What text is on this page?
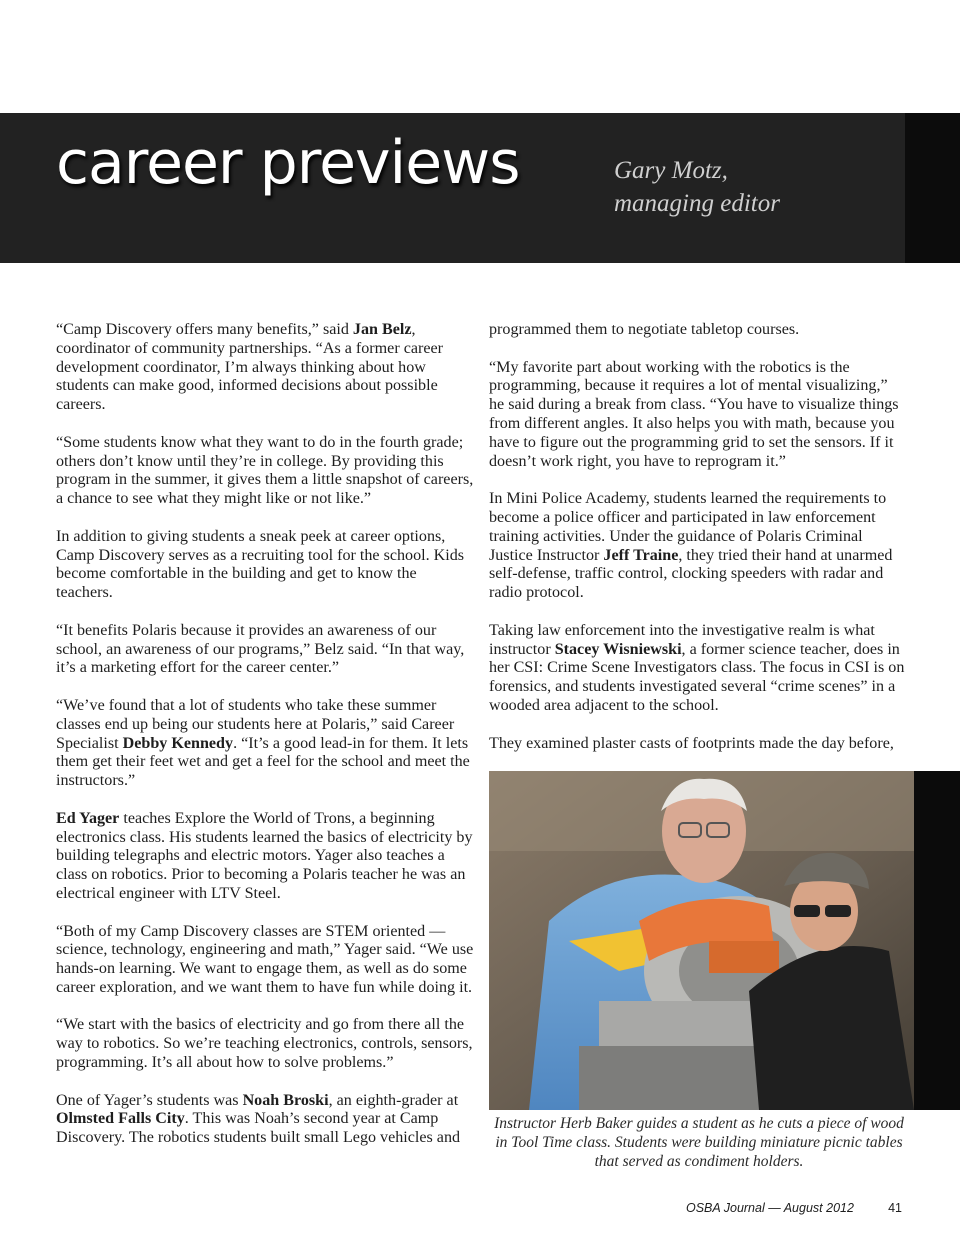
career previews	Gary Motz,
managing editor

“Camp Discovery offers many benefits,” said Jan Belz, coordinator of community partnerships. “As a former career development coordinator, I’m always thinking about how students can make good, informed decisions about possible careers.

“Some students know what they want to do in the fourth grade; others don’t know until they’re in college. By providing this program in the summer, it gives them a little snapshot of careers, a chance to see what they might like or not like.”

In addition to giving students a sneak peek at career options, Camp Discovery serves as a recruiting tool for the school. Kids become comfortable in the building and get to know the teachers.

“It benefits Polaris because it provides an awareness of our school, an awareness of our programs,” Belz said. “In that way, it’s a marketing effort for the career center.”

“We’ve found that a lot of students who take these summer classes end up being our students here at Polaris,” said Career Specialist Debby Kennedy. “It’s a good lead-in for them. It lets them get their feet wet and get a feel for the school and meet the instructors.”

Ed Yager teaches Explore the World of Trons, a beginning electronics class. His students learned the basics of electricity by building telegraphs and electric motors. Yager also teaches a class on robotics. Prior to becoming a Polaris teacher he was an electrical engineer with LTV Steel.

“Both of my Camp Discovery classes are STEM oriented — science, technology, engineering and math,” Yager said. “We use hands-on learning. We want to engage them, as well as do some career exploration, and we want them to have fun while doing it.

“We start with the basics of electricity and go from there all the way to robotics. So we’re teaching electronics, controls, sensors, programming. It’s all about how to solve problems.”

One of Yager’s students was Noah Broski, an eighth-grader at Olmsted Falls City. This was Noah’s second year at Camp Discovery. The robotics students built small Lego vehicles and

programmed them to negotiate tabletop courses.

“My favorite part about working with the robotics is the programming, because it requires a lot of mental visualizing,” he said during a break from class. “You have to visualize things from different angles. It also helps you with math, because you have to figure out the programming grid to set the sensors. If it doesn’t work right, you have to reprogram it.”

In Mini Police Academy, students learned the requirements to become a police officer and participated in law enforcement training activities. Under the guidance of Polaris Criminal Justice Instructor Jeff Traine, they tried their hand at unarmed self-defense, traffic control, clocking speeders with radar and radio protocol.

Taking law enforcement into the investigative realm is what instructor Stacey Wisniewski, a former science teacher, does in her CSI: Crime Scene Investigators class. The focus in CSI is on forensics, and students investigated several “crime scenes” in a wooded area adjacent to the school.

They examined plaster casts of footprints made the day before,

Instructor Herb Baker guides a student as he cuts a piece of wood
in Tool Time class. Students were building miniature picnic tables
that served as condiment holders.

OSBA Journal — August 2012	41
